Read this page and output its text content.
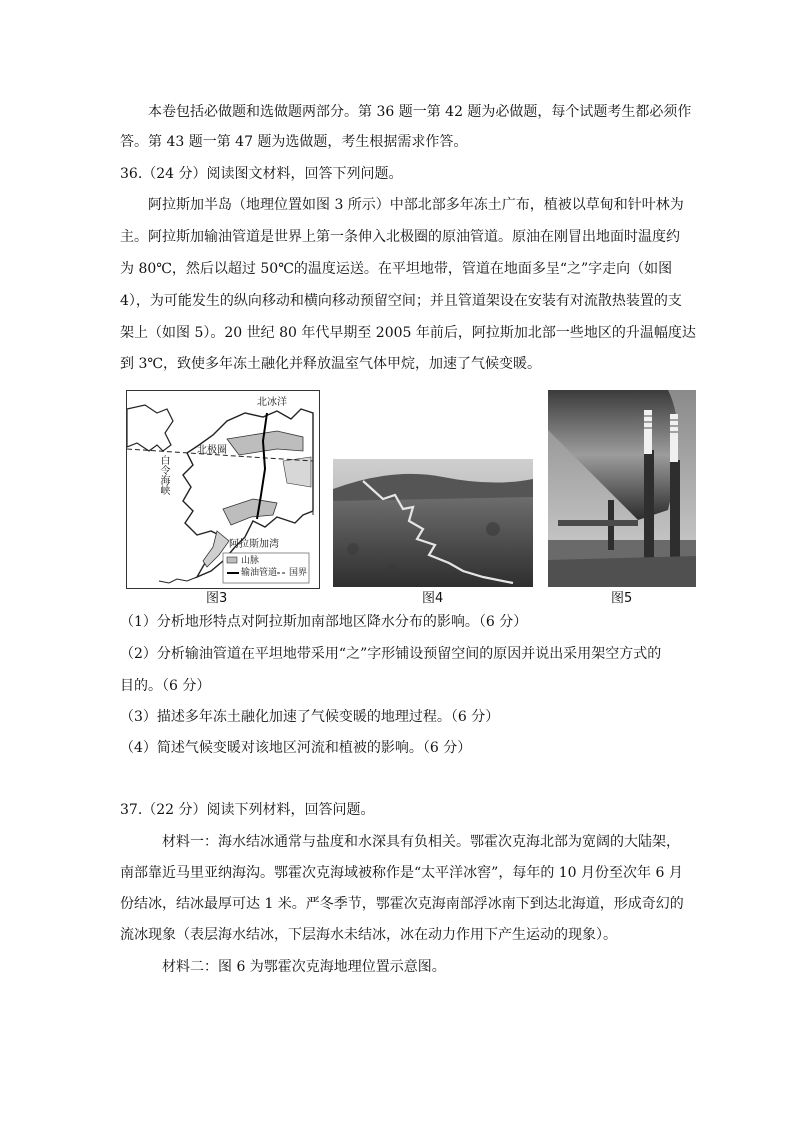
本卷包括必做题和选做题两部分。第 36 题一第 42 题为必做题，每个试题考生都必须作
答。第 43 题一第 47 题为选做题，考生根据需求作答。
36.（24 分）阅读图文材料，回答下列问题。
阿拉斯加半岛（地理位置如图 3 所示）中部北部多年冻土广布，植被以草甸和针叶林为
主。阿拉斯加输油管道是世界上第一条伸入北极圈的原油管道。原油在刚冒出地面时温度约
为 80℃，然后以超过 50℃的温度运送。在平坦地带，管道在地面多呈“之”字走向（如图
4），为可能发生的纵向移动和横向移动预留空间；并且管道架设在安装有对流散热装置的支
架上（如图 5）。20 世纪 80 年代早期至 2005 年前后，阿拉斯加北部一些地区的升温幅度达
到 3℃，致使多年冻土融化并释放温室气体甲烷，加速了气候变暖。
北冰洋
北极圈
白令海峡
阿拉斯加湾
山脉
输油管道 国界
图3	图4	图5
（1）分析地形特点对阿拉斯加南部地区降水分布的影响。（6 分）
（2）分析输油管道在平坦地带采用“之”字形铺设预留空间的原因并说出采用架空方式的
目的。（6 分）
（3）描述多年冻土融化加速了气候变暖的地理过程。（6 分）
（4）简述气候变暖对该地区河流和植被的影响。（6 分）
37.（22 分）阅读下列材料，回答问题。
材料一：海水结冰通常与盐度和水深具有负相关。鄂霍次克海北部为宽阔的大陆架，
南部靠近马里亚纳海沟。鄂霍次克海域被称作是“太平洋冰窖”，每年的 10 月份至次年 6 月
份结冰，结冰最厚可达 1 米。严冬季节，鄂霍次克海南部浮冰南下到达北海道，形成奇幻的
流冰现象（表层海水结冰，下层海水未结冰，冰在动力作用下产生运动的现象）。
材料二：图 6 为鄂霍次克海地理位置示意图。
